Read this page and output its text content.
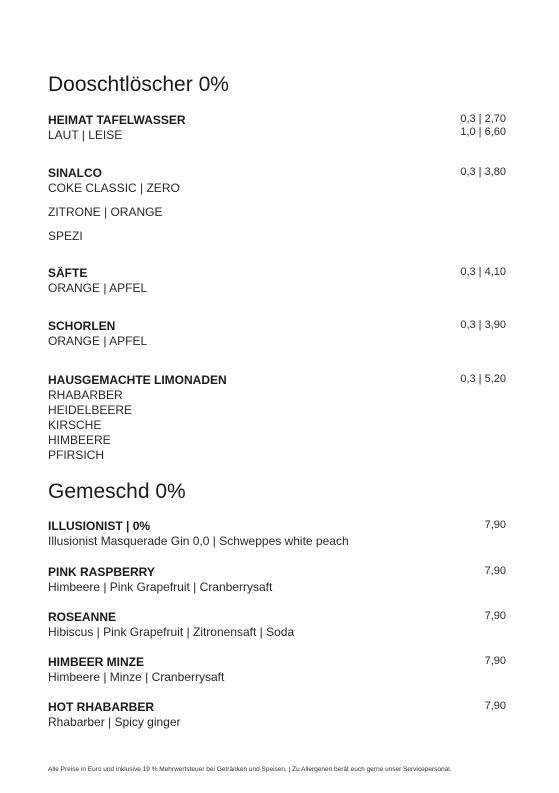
Dooschtlöscher 0%
HEIMAT TAFELWASSER
LAUT | LEISE
0,3 | 2,70
1,0 | 6,60
SINALCO
COKE CLASSIC | ZERO
ZITRONE | ORANGE
SPEZI
0,3 | 3,80
SÄFTE
ORANGE | APFEL
0,3 | 4,10
SCHORLEN
ORANGE | APFEL
0,3 | 3,90
HAUSGEMACHTE LIMONADEN
RHABARBER
HEIDELBEERE
KIRSCHE
HIMBEERE
PFIRSICH
0,3 | 5,20
Gemeschd 0%
ILLUSIONIST | 0%
Illusionist Masquerade Gin 0,0 | Schweppes white peach
7,90
PINK RASPBERRY
Himbeere | Pink Grapefruit | Cranberrysaft
7,90
ROSEANNE
Hibiscus | Pink Grapefruit | Zitronensaft | Soda
7,90
HIMBEER MINZE
Himbeere | Minze | Cranberrysaft
7,90
HOT RHABARBER
Rhabarber | Spicy ginger
7,90
Alle Preise in Euro und inklusive 19 % Mehrwertsteuer bei Getränken und Speisen. | Zu Allergenen berät euch gerne unser Servicepersonal.
